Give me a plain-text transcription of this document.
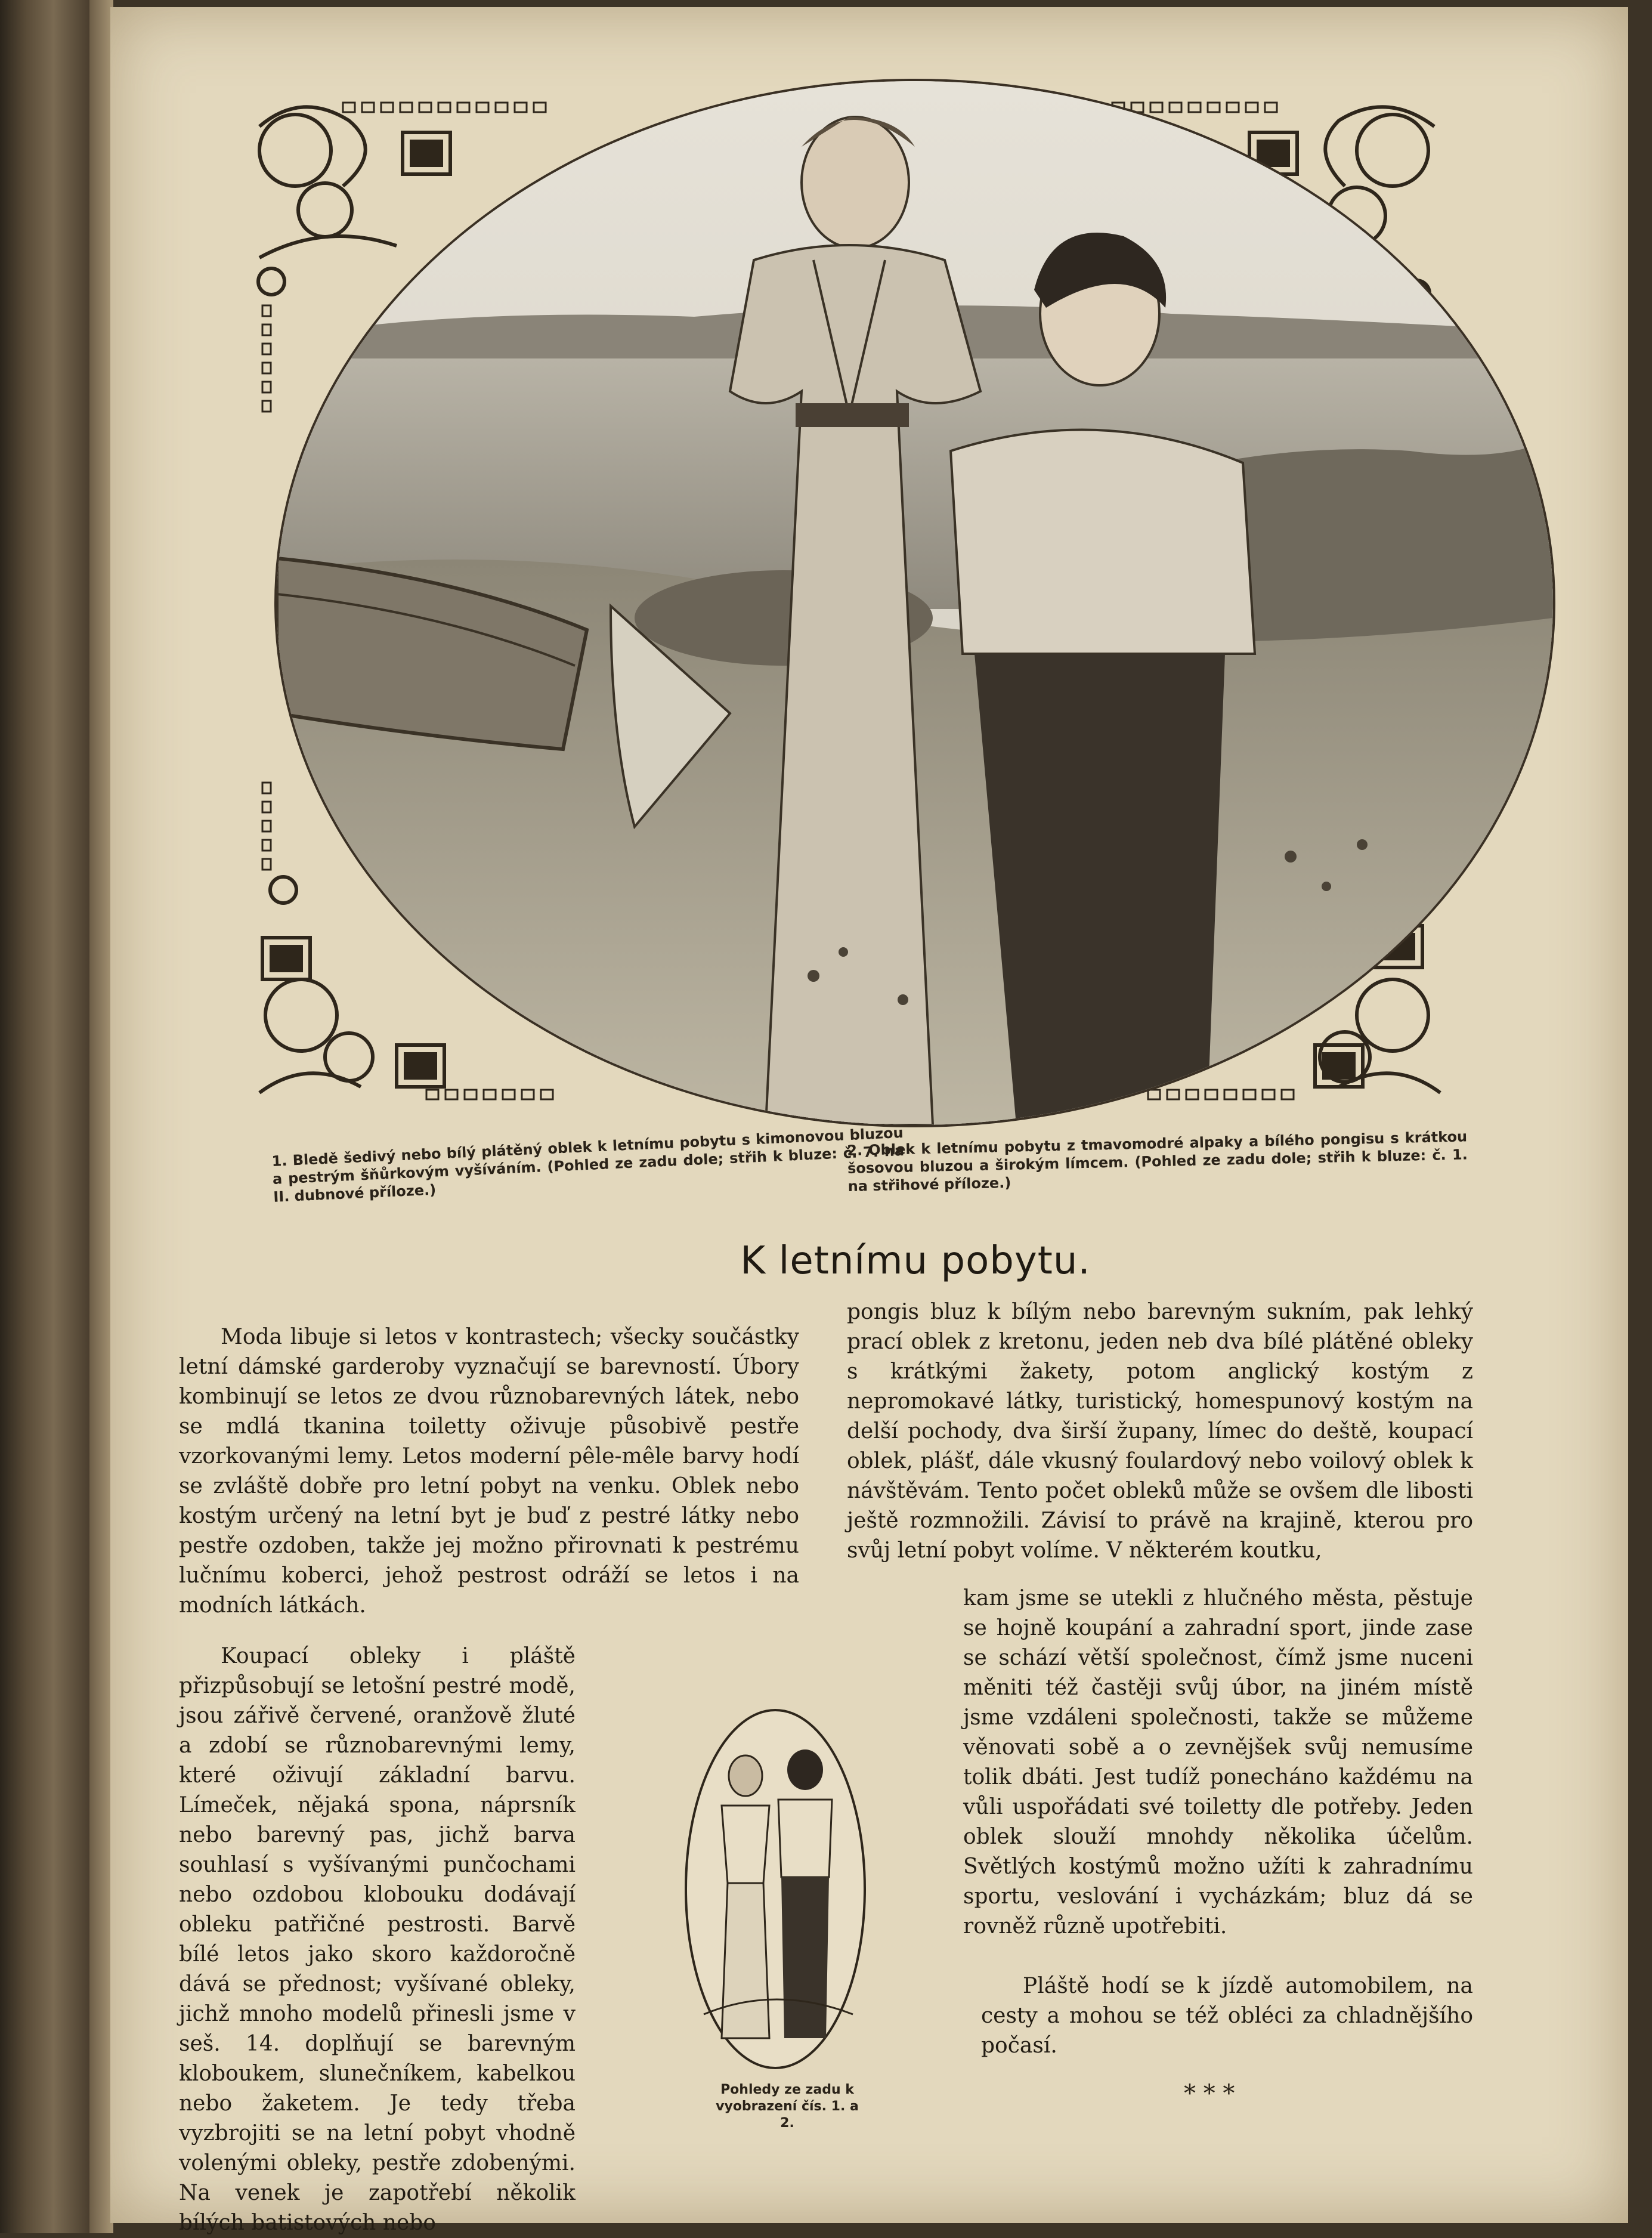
1. Bledě šedivý nebo bílý plátěný oblek k letnímu pobytu s kimonovou bluzou a pestrým šňůrkovým vyšíváním. (Pohled ze zadu dole; střih k bluze: č. 7. na II. dubnové příloze.)
2. Oblek k letnímu pobytu z tmavomodré alpaky a bílého pongisu s krátkou šosovou bluzou a širokým límcem. (Pohled ze zadu dole; střih k bluze: č. 1. na střihové příloze.)
K letnímu pobytu.

Moda libuje si letos v kontrastech; všecky součástky letní dámské garderoby vyznačují se barevností. Úbory kombinují se letos ze dvou různobarevných látek, nebo se mdlá tkanina toiletty oživuje působivě pestře vzorkovanými lemy. Letos moderní pêle-mêle barvy hodí se zvláště dobře pro letní pobyt na venku. Oblek nebo kostým určený na letní byt je buď z pestré látky nebo pestře ozdoben, takže jej možno přirovnati k pestrému lučnímu koberci, jehož pestrost odráží se letos i na modních látkách.

Koupací obleky i pláště přizpůsobují se letošní pestré modě, jsou zářivě červené, oranžově žluté a zdobí se různobarevnými lemy, které oživují základní barvu. Límeček, nějaká spona, náprsník nebo barevný pas, jichž barva souhlasí s vyšívanými punčochami nebo ozdobou klobouku dodávají obleku patřičné pestrosti. Barvě bílé letos jako skoro každoročně dává se přednost; vyšívané obleky, jichž mnoho modelů přinesli jsme v seš. 14. doplňují se barevným kloboukem, slunečníkem, kabelkou nebo žaketem. Je tedy třeba vyzbrojiti se na letní pobyt vhodně volenými obleky, pestře zdobenými. Na venek je zapotřebí několik bílých batistových nebo

pongis bluz k bílým nebo barevným sukním, pak lehký prací oblek z kretonu, jeden neb dva bílé plátěné obleky s krátkými žakety, potom anglický kostým z nepromokavé látky, turistický, homespunový kostým na delší pochody, dva širší župany, límec do deště, koupací oblek, plášť, dále vkusný foulardový nebo voilový oblek k návštěvám. Tento počet obleků může se ovšem dle libosti ještě rozmnožili. Závisí to právě na krajině, kterou pro svůj letní pobyt volíme. V některém koutku,

kam jsme se utekli z hlučného města, pěstuje se hojně koupání a zahradní sport, jinde zase se schází větší společnost, čímž jsme nuceni měniti též častěji svůj úbor, na jiném místě jsme vzdáleni společnosti, takže se můžeme věnovati sobě a o zevnějšek svůj nemusíme tolik dbáti. Jest tudíž ponecháno každému na vůli uspořádati své toiletty dle potřeby. Jeden oblek slouží mnohdy několika účelům. Světlých kostýmů možno užíti k zahradnímu sportu, veslování i vycházkám; bluz dá se rovněž různě upotřebiti.

Pláště hodí se k jízdě automobilem, na cesty a mohou se též obléci za chladnějšího počasí.

Pohledy ze zadu k vyobrazení čís. 1. a 2.
* * *
